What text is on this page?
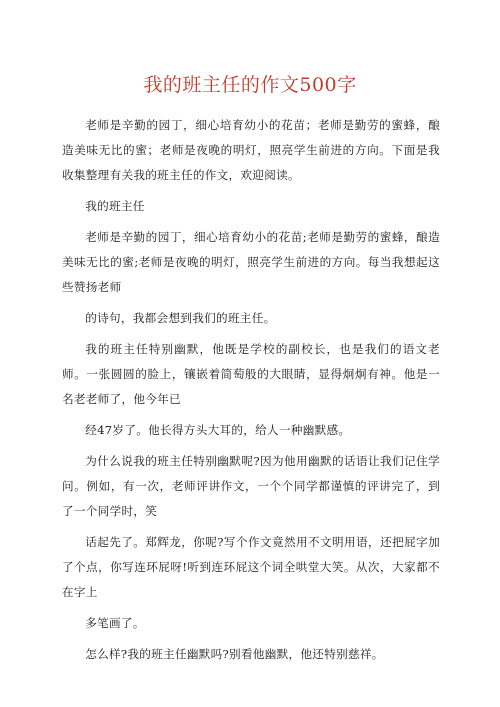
我的班主任的作文500字

老师是辛勤的园丁，细心培育幼小的花苗；老师是勤劳的蜜蜂，酿造美味无比的蜜；老师是夜晚的明灯，照亮学生前进的方向。下面是我收集整理有关我的班主任的作文，欢迎阅读。

我的班主任

老师是辛勤的园丁，细心培育幼小的花苗;老师是勤劳的蜜蜂，酿造美味无比的蜜;老师是夜晚的明灯，照亮学生前进的方向。每当我想起这些赞扬老师

的诗句，我都会想到我们的班主任。

我的班主任特别幽默，他既是学校的副校长，也是我们的语文老师。一张圆圆的脸上，镶嵌着简萄般的大眼睛，显得炯炯有神。他是一名老老师了，他今年已

经47岁了。他长得方头大耳的，给人一种幽默感。

为什么说我的班主任特别幽默呢?因为他用幽默的话语让我们记住学问。例如，有一次，老师评讲作文，一个个同学都谨慎的评讲完了，到了一个同学时，笑

话起先了。郑辉龙，你呢?写个作文竟然用不文明用语，还把屁字加了个点，你写连环屁呀!听到连环屁这个词全哄堂大笑。从次，大家都不在字上

多笔画了。

怎么样?我的班主任幽默吗?别看他幽默，他还特别慈祥。
